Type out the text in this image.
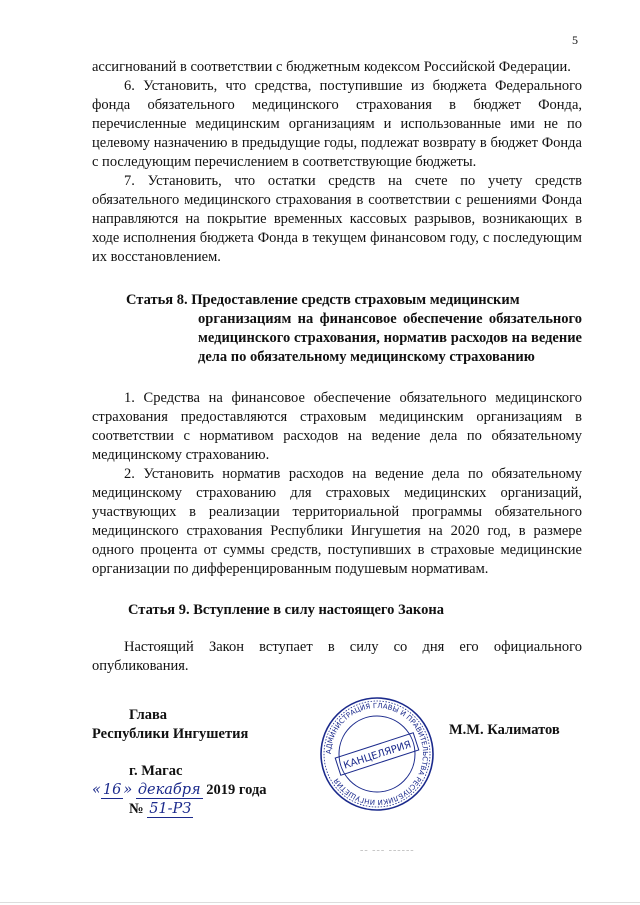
5

ассигнований в соответствии с бюджетным кодексом Российской Федерации.

6. Установить, что средства, поступившие из бюджета Федерального фонда обязательного медицинского страхования в бюджет Фонда, перечисленные медицинским организациям и использованные ими не по целевому назначению в предыдущие годы, подлежат возврату в бюджет Фонда с последующим перечислением в соответствующие бюджеты.

7. Установить, что остатки средств на счете по учету средств обязательного медицинского страхования в соответствии с решениями Фонда направляются на покрытие временных кассовых разрывов, возникающих в ходе исполнения бюджета Фонда в текущем финансовом году, с последующим их восстановлением.

Статья 8. Предоставление средств страховым медицинским
организациям на финансовое обеспечение обязательного медицинского страхования, норматив расходов на ведение дела по обязательному медицинскому страхованию

1. Средства на финансовое обеспечение обязательного медицинского страхования предоставляются страховым медицинским организациям в соответствии с нормативом расходов на ведение дела по обязательному медицинскому страхованию.

2. Установить норматив расходов на ведение дела по обязательному медицинскому страхованию для страховых медицинских организаций, участвующих в реализации территориальной программы обязательного медицинского страхования Республики Ингушетия на 2020 год, в размере одного процента от суммы средств, поступивших в страховые медицинские организации по дифференцированным подушевым нормативам.

Статья 9. Вступление в силу настоящего Закона

Настоящий Закон вступает в силу со дня его официального опубликования.

Глава
Республики Ингушетия
г. Магас
« 16 » декабря 2019 года
№ 51-РЗ
АДМИНИСТРАЦИЯ ГЛАВЫ И ПРАВИТЕЛЬСТВА РЕСПУБЛИКИ ИНГУШЕТИЯ
КАНЦЕЛЯРИЯ
М.М. Калиматов
-- --- ------
